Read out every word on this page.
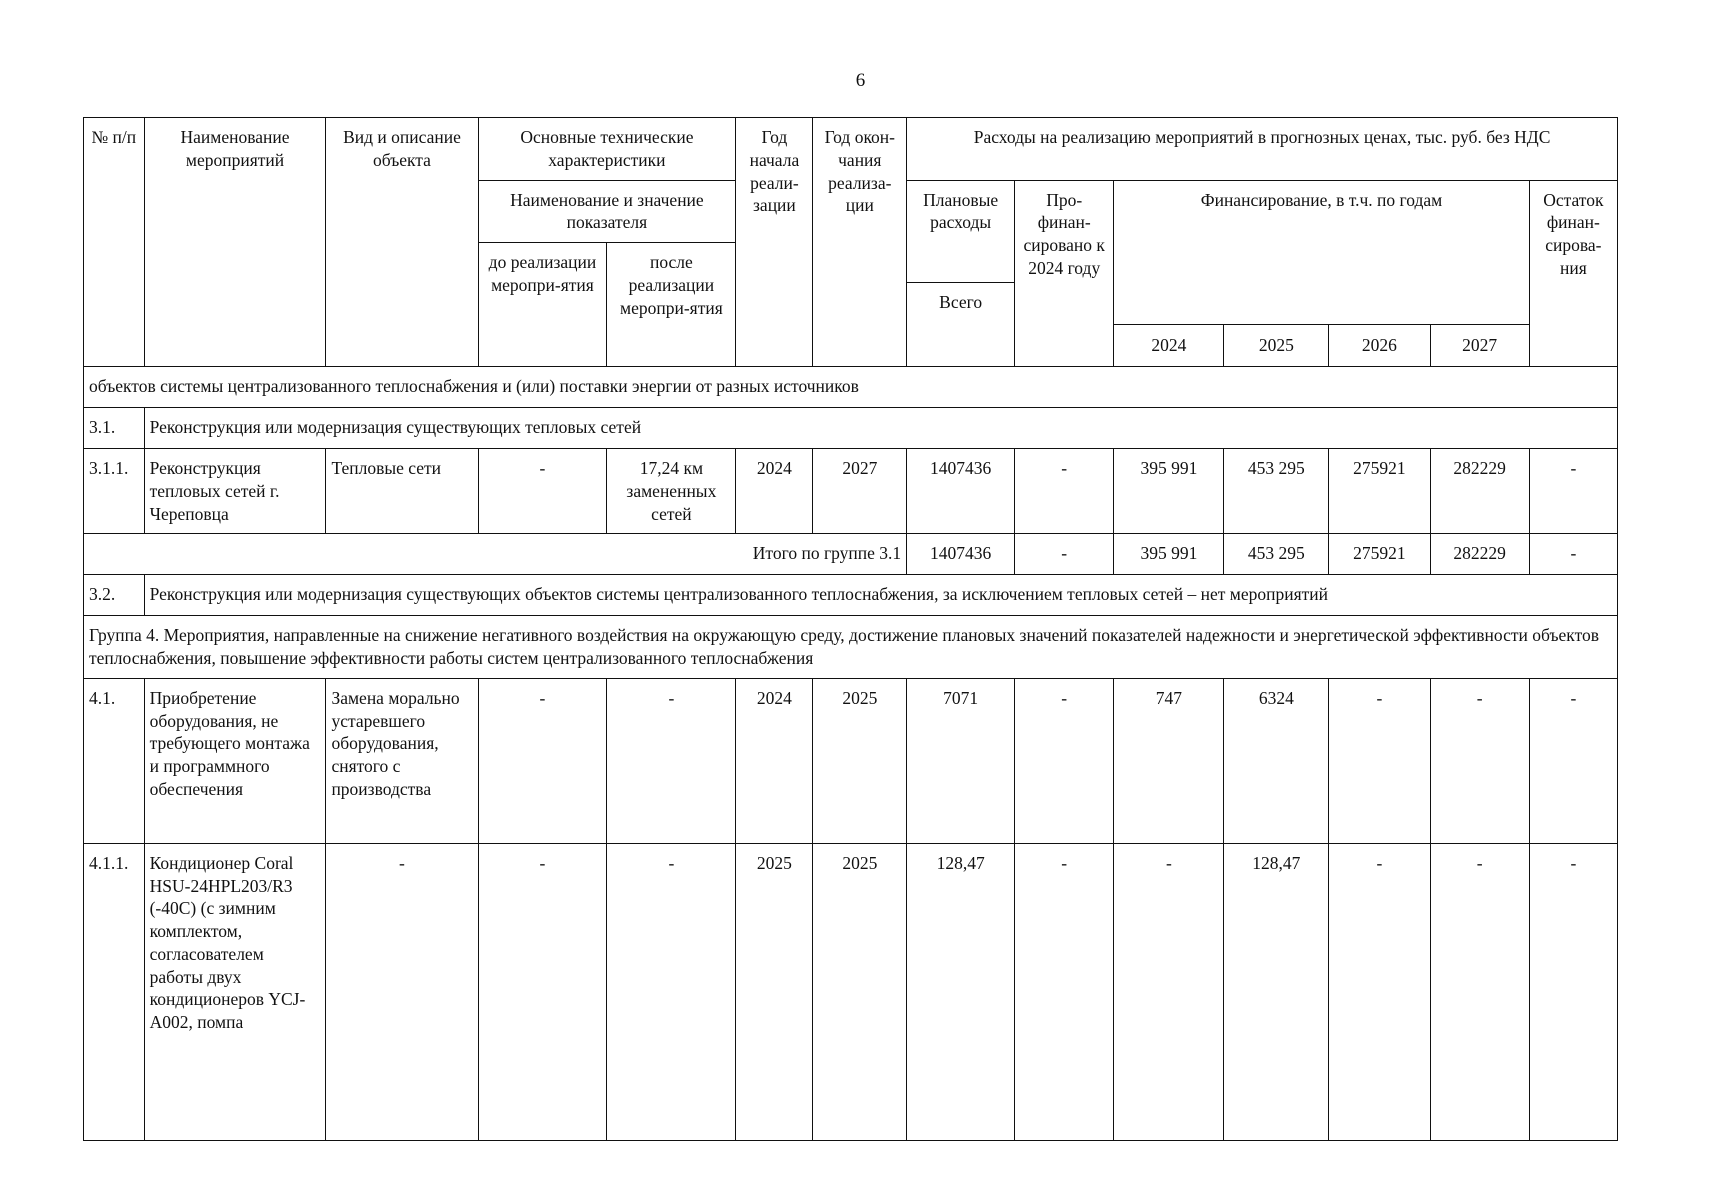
6
№ п/п	Наименование мероприятий	Вид и описание объекта	Основные технические характеристики		Год начала реали-зации	Год окон-чания реализа-ции	Расходы на реализацию мероприятий в прогнозных ценах, тыс. руб. без НДС						
			Наименование и значение показателя				Плановые расходы	Про-финан-сировано к 2024 году	Финансирование, в т.ч. по годам				Остаток финан-сирова-ния
			до реализации меропри-ятия	после реализации меропри-ятия									
							Всего						
									2024	2025	2026	2027	
объектов системы централизованного теплоснабжения и (или) поставки энергии от разных источников													
3.1.	Реконструкция или модернизация существующих тепловых сетей												
3.1.1.	Реконструкция тепловых сетей г. Череповца	Тепловые сети	-	17,24 км замененных сетей	2024	2027	1407436	-	395 991	453 295	275921	282229	-
Итого по группе 3.1							1407436	-	395 991	453 295	275921	282229	-
3.2.	Реконструкция или модернизация существующих объектов системы централизованного теплоснабжения, за исключением тепловых сетей – нет мероприятий												
Группа 4. Мероприятия, направленные на снижение негативного воздействия на окружающую среду, достижение плановых значений показателей надежности и энергетической эффективности объектов теплоснабжения, повышение эффективности работы систем централизованного теплоснабжения													
4.1.	Приобретение оборудования, не требующего монтажа и программного обеспечения	Замена морально устаревшего оборудования, снятого с производства	-	-	2024	2025	7071	-	747	6324	-	-	-
4.1.1.	Кондиционер Coral HSU-24HPL203/R3 (-40C) (с зимним комплектом, согласователем работы двух кондиционеров YCJ-A002, помпа	-	-	-	2025	2025	128,47	-	-	128,47	-	-	-
